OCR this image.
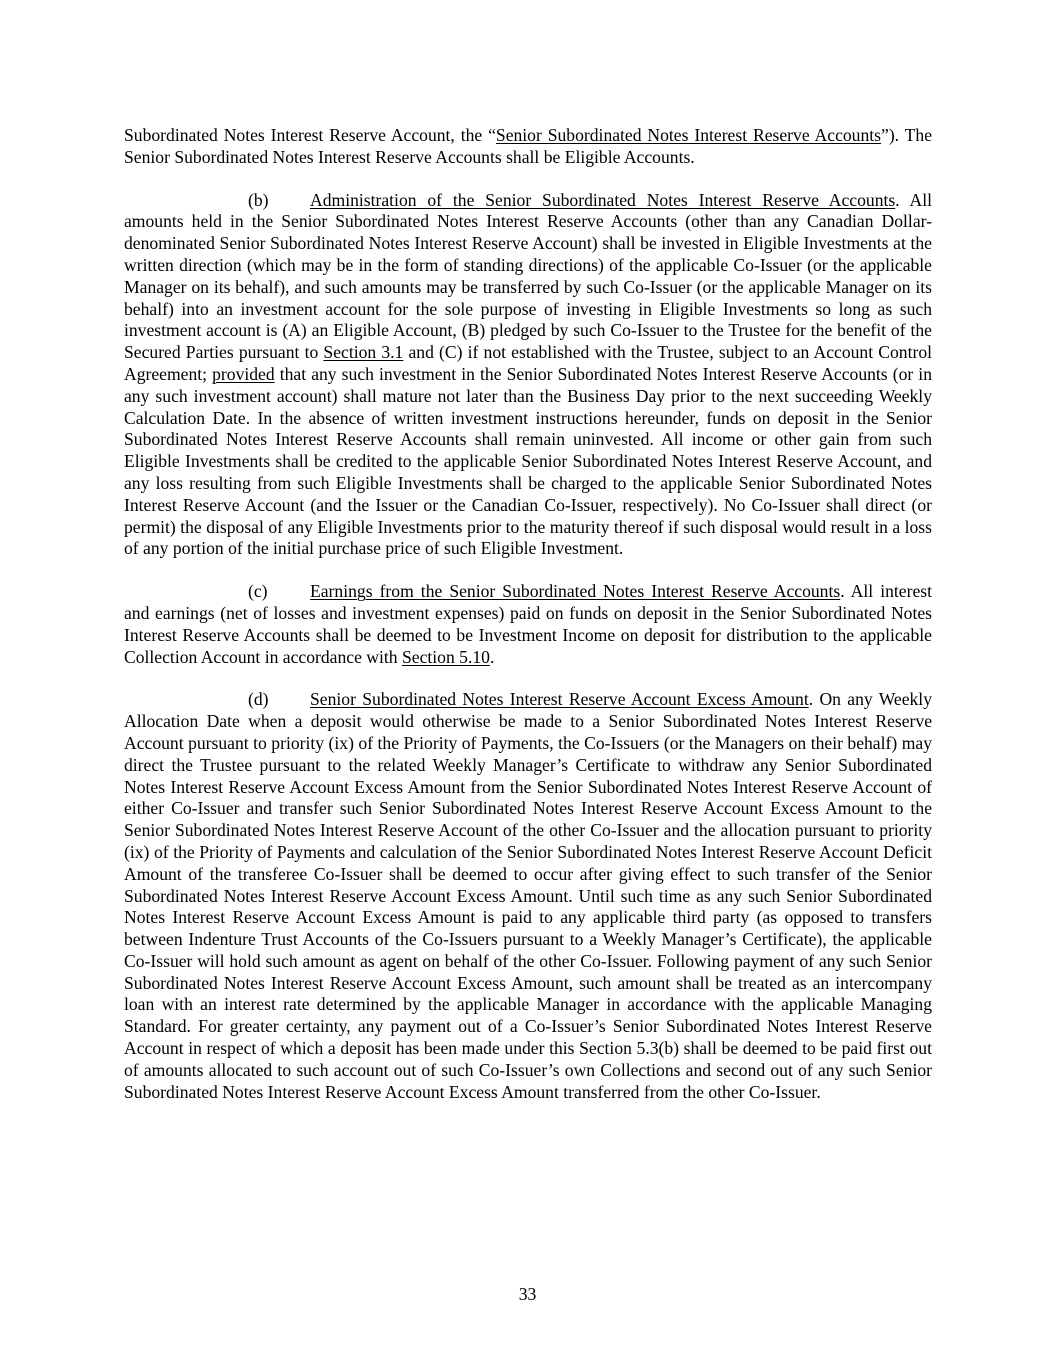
Subordinated Notes Interest Reserve Account, the “Senior Subordinated Notes Interest Reserve Accounts”). The Senior Subordinated Notes Interest Reserve Accounts shall be Eligible Accounts.

(b) Administration of the Senior Subordinated Notes Interest Reserve Accounts. All amounts held in the Senior Subordinated Notes Interest Reserve Accounts (other than any Canadian Dollar-denominated Senior Subordinated Notes Interest Reserve Account) shall be invested in Eligible Investments at the written direction (which may be in the form of standing directions) of the applicable Co-Issuer (or the applicable Manager on its behalf), and such amounts may be transferred by such Co-Issuer (or the applicable Manager on its behalf) into an investment account for the sole purpose of investing in Eligible Investments so long as such investment account is (A) an Eligible Account, (B) pledged by such Co-Issuer to the Trustee for the benefit of the Secured Parties pursuant to Section 3.1 and (C) if not established with the Trustee, subject to an Account Control Agreement; provided that any such investment in the Senior Subordinated Notes Interest Reserve Accounts (or in any such investment account) shall mature not later than the Business Day prior to the next succeeding Weekly Calculation Date. In the absence of written investment instructions hereunder, funds on deposit in the Senior Subordinated Notes Interest Reserve Accounts shall remain uninvested. All income or other gain from such Eligible Investments shall be credited to the applicable Senior Subordinated Notes Interest Reserve Account, and any loss resulting from such Eligible Investments shall be charged to the applicable Senior Subordinated Notes Interest Reserve Account (and the Issuer or the Canadian Co-Issuer, respectively). No Co-Issuer shall direct (or permit) the disposal of any Eligible Investments prior to the maturity thereof if such disposal would result in a loss of any portion of the initial purchase price of such Eligible Investment.

(c) Earnings from the Senior Subordinated Notes Interest Reserve Accounts. All interest and earnings (net of losses and investment expenses) paid on funds on deposit in the Senior Subordinated Notes Interest Reserve Accounts shall be deemed to be Investment Income on deposit for distribution to the applicable Collection Account in accordance with Section 5.10.

(d) Senior Subordinated Notes Interest Reserve Account Excess Amount. On any Weekly Allocation Date when a deposit would otherwise be made to a Senior Subordinated Notes Interest Reserve Account pursuant to priority (ix) of the Priority of Payments, the Co-Issuers (or the Managers on their behalf) may direct the Trustee pursuant to the related Weekly Manager’s Certificate to withdraw any Senior Subordinated Notes Interest Reserve Account Excess Amount from the Senior Subordinated Notes Interest Reserve Account of either Co-Issuer and transfer such Senior Subordinated Notes Interest Reserve Account Excess Amount to the Senior Subordinated Notes Interest Reserve Account of the other Co-Issuer and the allocation pursuant to priority (ix) of the Priority of Payments and calculation of the Senior Subordinated Notes Interest Reserve Account Deficit Amount of the transferee Co-Issuer shall be deemed to occur after giving effect to such transfer of the Senior Subordinated Notes Interest Reserve Account Excess Amount. Until such time as any such Senior Subordinated Notes Interest Reserve Account Excess Amount is paid to any applicable third party (as opposed to transfers between Indenture Trust Accounts of the Co-Issuers pursuant to a Weekly Manager’s Certificate), the applicable Co-Issuer will hold such amount as agent on behalf of the other Co-Issuer. Following payment of any such Senior Subordinated Notes Interest Reserve Account Excess Amount, such amount shall be treated as an intercompany loan with an interest rate determined by the applicable Manager in accordance with the applicable Managing Standard. For greater certainty, any payment out of a Co-Issuer’s Senior Subordinated Notes Interest Reserve Account in respect of which a deposit has been made under this Section 5.3(b) shall be deemed to be paid first out of amounts allocated to such account out of such Co-Issuer’s own Collections and second out of any such Senior Subordinated Notes Interest Reserve Account Excess Amount transferred from the other Co-Issuer.

33
